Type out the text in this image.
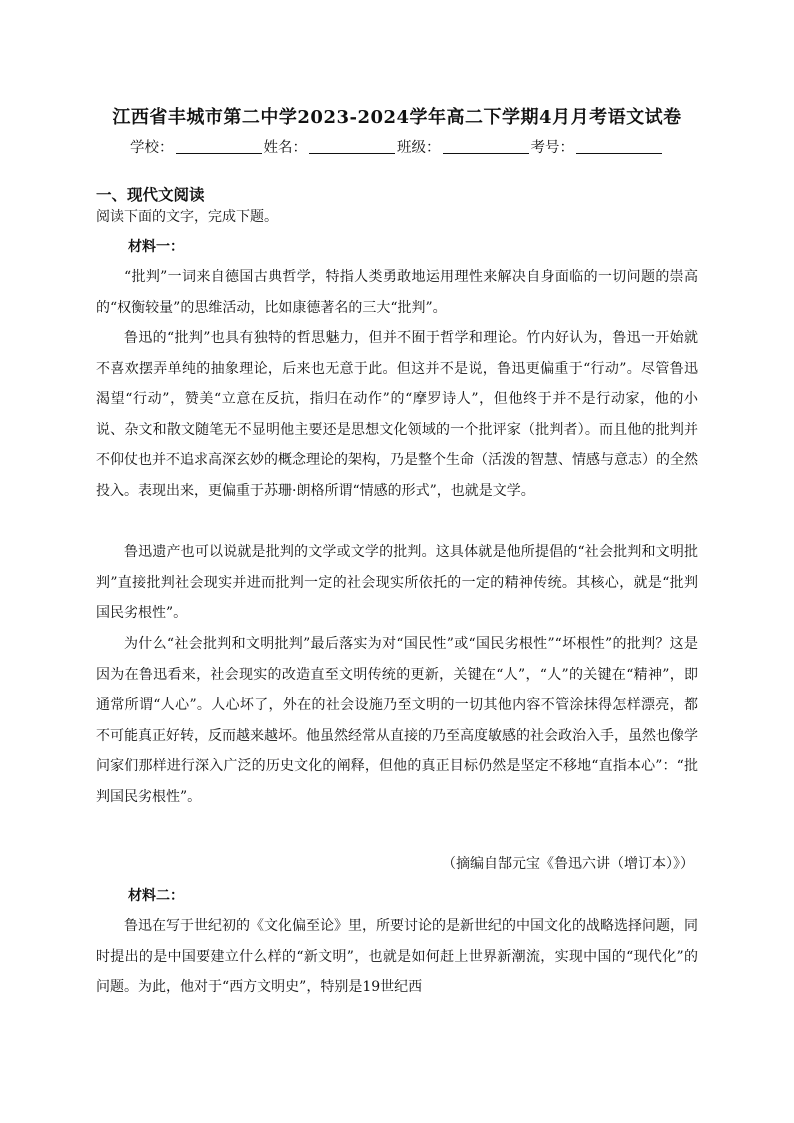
江西省丰城市第二中学2023-2024学年高二下学期4月月考语文试卷
学校：	姓名：	班级：	考号：
一、现代文阅读
阅读下面的文字，完成下题。
材料一：

“批判”一词来自德国古典哲学，特指人类勇敢地运用理性来解决自身面临的一切问题的崇高的“权衡较量”的思维活动，比如康德著名的三大“批判”。

鲁迅的“批判”也具有独特的哲思魅力，但并不囿于哲学和理论。竹内好认为，鲁迅一开始就不喜欢摆弄单纯的抽象理论，后来也无意于此。但这并不是说，鲁迅更偏重于“行动”。尽管鲁迅渴望“行动”，赞美“立意在反抗，指归在动作”的“摩罗诗人”，但他终于并不是行动家，他的小说、杂文和散文随笔无不显明他主要还是思想文化领域的一个批评家（批判者）。而且他的批判并不仰仗也并不追求高深玄妙的概念理论的架构，乃是整个生命（活泼的智慧、情感与意志）的全然投入。表现出来，更偏重于苏珊·朗格所谓“情感的形式”，也就是文学。

鲁迅遗产也可以说就是批判的文学或文学的批判。这具体就是他所提倡的“社会批判和文明批判”直接批判社会现实并进而批判一定的社会现实所依托的一定的精神传统。其核心，就是“批判国民劣根性”。

为什么“社会批判和文明批判”最后落实为对“国民性”或“国民劣根性”“坏根性”的批判？这是因为在鲁迅看来，社会现实的改造直至文明传统的更新，关键在“人”，“人”的关键在“精神”，即通常所谓“人心”。人心坏了，外在的社会设施乃至文明的一切其他内容不管涂抹得怎样漂亮，都不可能真正好转，反而越来越坏。他虽然经常从直接的乃至高度敏感的社会政治入手，虽然也像学问家们那样进行深入广泛的历史文化的阐释，但他的真正目标仍然是坚定不移地“直指本心”：“批判国民劣根性”。

（摘编自郜元宝《鲁迅六讲（增订本）》）
材料二：

鲁迅在写于世纪初的《文化偏至论》里，所要讨论的是新世纪的中国文化的战略选择问题，同时提出的是中国要建立什么样的“新文明”，也就是如何赶上世界新潮流，实现中国的“现代化”的问题。为此，他对于“西方文明史”，特别是19世纪西
